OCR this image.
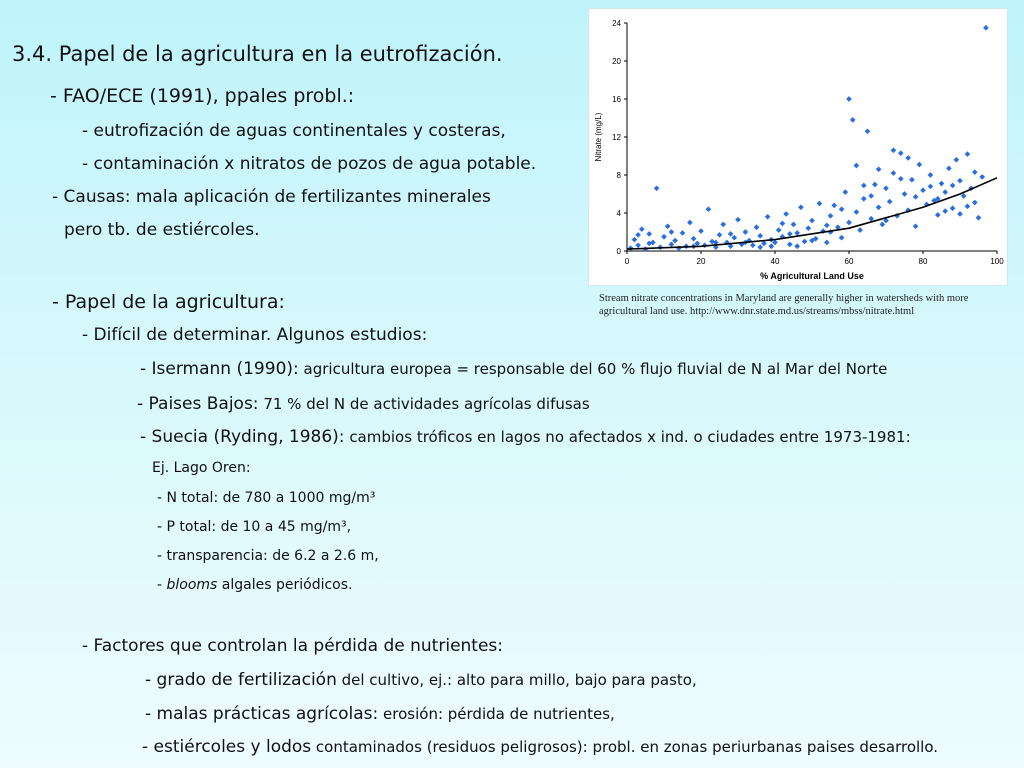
3.4. Papel de la agricultura en la eutrofización.
- FAO/ECE (1991), ppales probl.:
- eutrofización de aguas continentales y costeras,
- contaminación x nitratos de pozos de agua potable.
- Causas: mala aplicación de fertilizantes minerales
pero tb. de estiércoles.
- Papel de la agricultura:
- Difícil de determinar. Algunos estudios:
- Isermann (1990): agricultura europea = responsable del 60 % flujo fluvial de N al Mar del Norte
- Paises Bajos: 71 % del N de actividades agrícolas difusas
- Suecia (Ryding, 1986): cambios tróficos en lagos no afectados x ind. o ciudades entre 1973-1981:
Ej. Lago Oren:
- N total: de 780 a 1000 mg/m³
- P total: de 10 a 45 mg/m³,
- transparencia: de 6.2 a 2.6 m,
- blooms algales periódicos.
- Factores que controlan la pérdida de nutrientes:
- grado de fertilización del cultivo, ej.: alto para millo, bajo para pasto,
- malas prácticas agrícolas: erosión: pérdida de nutrientes,
- estiércoles y lodos contaminados (residuos peligrosos): probl. en zonas periurbanas paises desarrollo.
0	20	40	60	80	100
0
4
8
12
16
20
24
% Agricultural Land Use
Nitrate (mg/L)
Stream nitrate concentrations in Maryland are generally higher in watersheds with more agricultural land use. http://www.dnr.state.md.us/streams/mbss/nitrate.html
